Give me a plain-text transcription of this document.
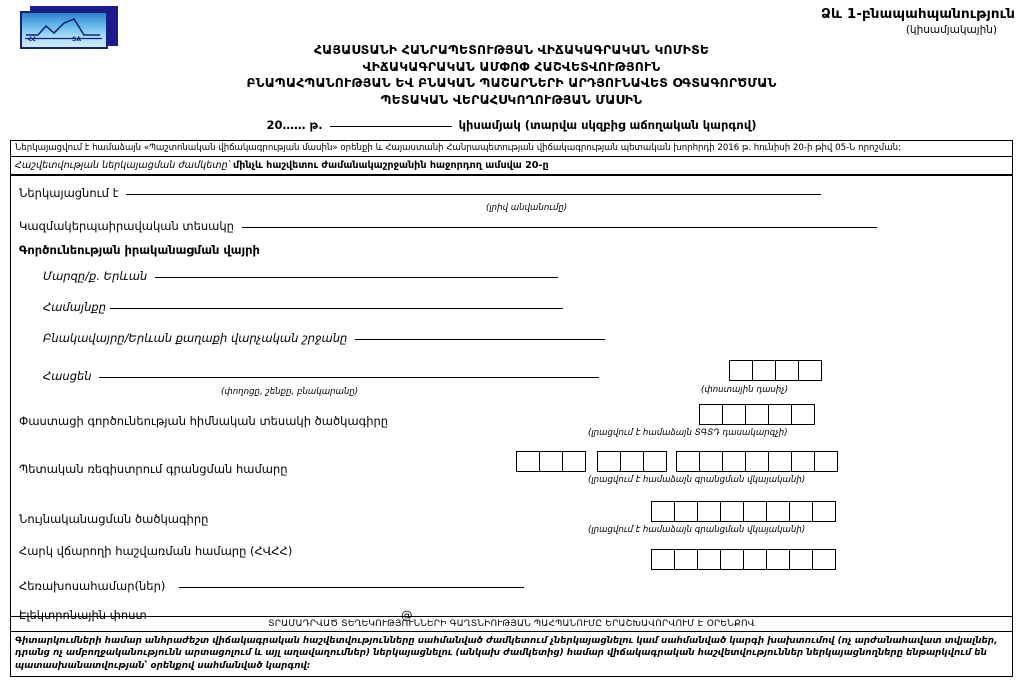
ՀՀ	SA
Ձև 1-բնապահպանություն
(կիսամյակային)
ՀԱՅԱՍՏԱՆԻ ՀԱՆՐԱՊԵՏՈՒԹՅԱՆ ՎԻՃԱԿԱԳՐԱԿԱՆ ԿՈՄԻՏԵ
ՎԻՃԱԿԱԳՐԱԿԱՆ ԱՄՓՈՓ ՀԱՇՎԵՏՎՈՒԹՅՈՒՆ
ԲՆԱՊԱՀՊԱՆՈՒԹՅԱՆ ԵՎ ԲՆԱԿԱՆ ՊԱՇԱՐՆԵՐԻ ԱՐԴՅՈՒՆԱՎԵՏ ՕԳՏԱԳՈՐԾՄԱՆ
ՊԵՏԱԿԱՆ ՎԵՐԱՀՍԿՈՂՈՒԹՅԱՆ ՄԱՍԻՆ
20…… թ.	կիսամյակ (տարվա սկզբից աճողական կարգով)
Ներկայացվում է համաձայն «Պաշտոնական վիճակագրության մասին» օրենքի և Հայաստանի Հանրապետության վիճակագրության պետական խորհրդի 2016 թ. հունիսի 20-ի թիվ 05-Ն որոշման:
Հաշվետվության ներկայացման ժամկետը՝ մինչև հաշվետու ժամանակաշրջանին հաջորդող ամսվա 20-ը
Ներկայացնում է
(լրիվ անվանումը)
Կազմակերպաիրավական տեսակը
Գործունեության իրականացման վայրի
Մարզը/ք. Երևան
Համայնքը
Բնակավայրը/Երևան քաղաքի վարչական շրջանը
Հասցեն
(փողոցը, շենքը, բնակարանը)	(փոստային դասիչ)
Փաստացի գործունեության հիմնական տեսակի ծածկագիրը
(լրացվում է համաձայն ՏԳՏԴ դասակարգչի)
Պետական ռեգիստրում գրանցման համարը
(լրացվում է համաձայն գրանցման վկայականի)
Նույնականացման ծածկագիրը
(լրացվում է համաձայն գրանցման վկայականի)
Հարկ վճարողի հաշվառման համարը (ՀՎՀՀ)
Հեռախոսահամար(ներ)
Էլեկտրոնային փոստ	@
ՏՐԱՄԱԴՐՎԱԾ ՏԵՂԵԿՈՒԹՅՈՒՆՆԵՐԻ ԳԱՂՏՆԻՈՒԹՅԱՆ ՊԱՀՊԱՆՈՒՄԸ ԵՐԱՇԽԱՎՈՐՎՈՒՄ Է ՕՐԵՆՔՈՎ
Գիտարկումների համար անհրաժեշտ վիճակագրական հաշվետվությունները սահմանված ժամկետում չներկայացնելու կամ սահմանված կարգի խախտումով (ոչ արժանահավատ տվյալներ,
դրանց ոչ ամբողջականությունն արտացոլում և այլ աղավաղումներ) ներկայացնելու (անկախ ժամկետից) համար վիճակագրական հաշվետվություններ ներկայացնողները ենթարկվում են
պատասխանատվության՝ օրենքով սահմանված կարգով:
